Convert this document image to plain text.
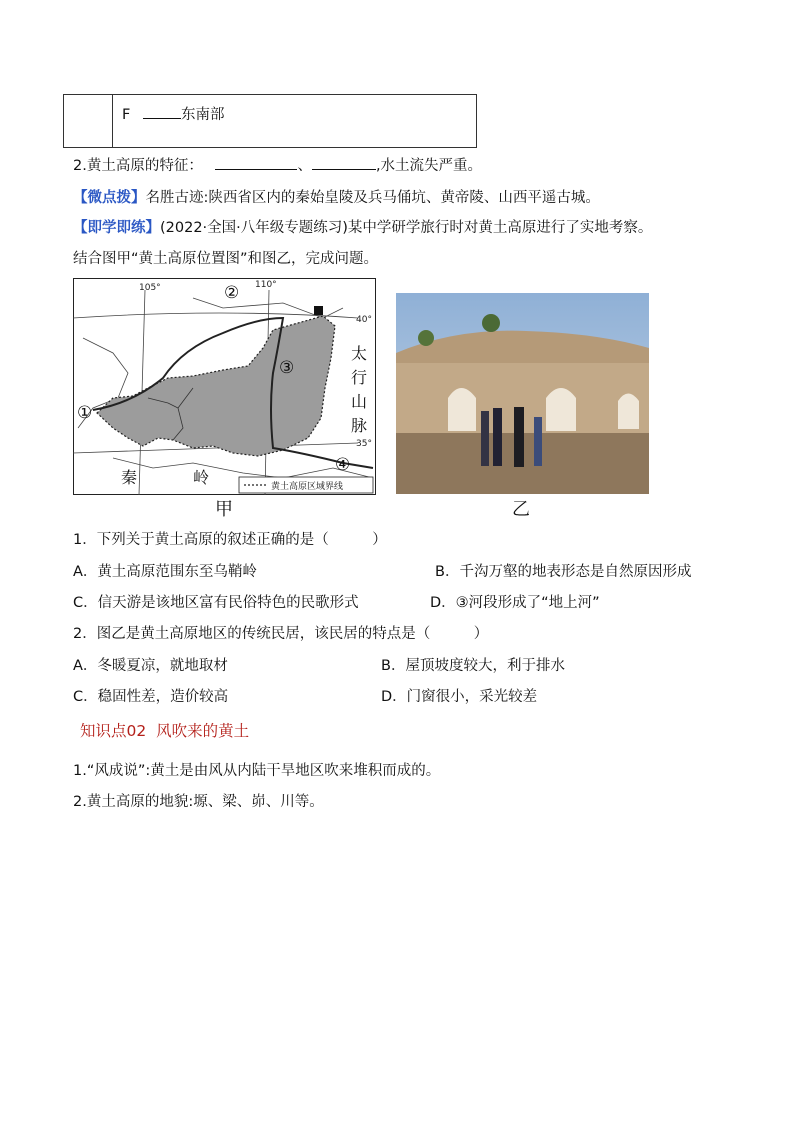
F	东南部
2.黄土高原的特征：	、	,水土流失严重。
【微点拨】名胜古迹:陕西省区内的秦始皇陵及兵马俑坑、黄帝陵、山西平遥古城。
【即学即练】(2022·全国·八年级专题练习)某中学研学旅行时对黄土高原进行了实地考察。
结合图甲“黄土高原位置图”和图乙，完成问题。
105°	110°
40°
35°
①
②
③
④
太
行
山
脉
秦	岭	黄土高原区域界线
甲	乙
1．下列关于黄土高原的叙述正确的是（　　　）
A．黄土高原范围东至乌鞘岭	B．千沟万壑的地表形态是自然原因形成
C．信天游是该地区富有民俗特色的民歌形式	D．③河段形成了“地上河”
2．图乙是黄土高原地区的传统民居，该民居的特点是（　　　）
A．冬暖夏凉，就地取材	B．屋顶坡度较大，利于排水
C．稳固性差，造价较高	D．门窗很小，采光较差
知识点02  风吹来的黄土
1.“风成说”:黄土是由风从内陆干旱地区吹来堆积而成的。
2.黄土高原的地貌:塬、梁、峁、川等。
